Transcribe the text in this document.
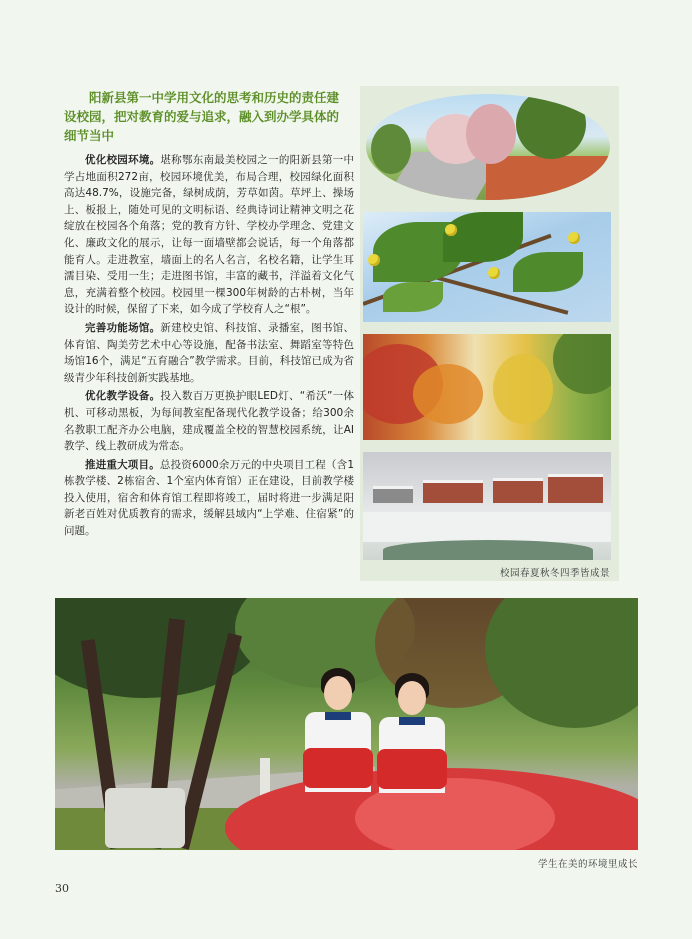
阳新县第一中学用文化的思考和历史的责任建设校园，把对教育的爱与追求，融入到办学具体的细节当中

优化校园环境。堪称鄂东南最美校园之一的阳新县第一中学占地面积272亩，校园环境优美，布局合理，校园绿化面积高达48.7%，设施完备，绿树成荫，芳草如茵。草坪上、操场上、板报上，随处可见的文明标语、经典诗词让精神文明之花绽放在校园各个角落；党的教育方针、学校办学理念、党建文化、廉政文化的展示，让每一面墙壁都会说话，每一个角落都能育人。走进教室，墙面上的名人名言，名校名籍，让学生耳濡目染、受用一生；走进图书馆，丰富的藏书，洋溢着文化气息，充满着整个校园。校园里一棵300年树龄的古朴树，当年设计的时候，保留了下来，如今成了学校育人之“根”。

完善功能场馆。新建校史馆、科技馆、录播室，图书馆、体育馆、陶美劳艺术中心等设施，配备书法室、舞蹈室等特色场馆16个，满足“五育融合”教学需求。目前，科技馆已成为省级青少年科技创新实践基地。

优化教学设备。投入数百万更换护眼LED灯、“希沃”一体机、可移动黑板，为每间教室配备现代化教学设备；给300余名教职工配齐办公电脑，建成覆盖全校的智慧校园系统，让AI教学、线上教研成为常态。

推进重大项目。总投资6000余万元的中央项目工程（含1栋教学楼、2栋宿舍、1个室内体育馆）正在建设，目前教学楼投入使用，宿舍和体育馆工程即将竣工，届时将进一步满足阳新老百姓对优质教育的需求，缓解县域内“上学难、住宿紧”的问题。

校园春夏秋冬四季皆成景
学生在美的环境里成长
30
